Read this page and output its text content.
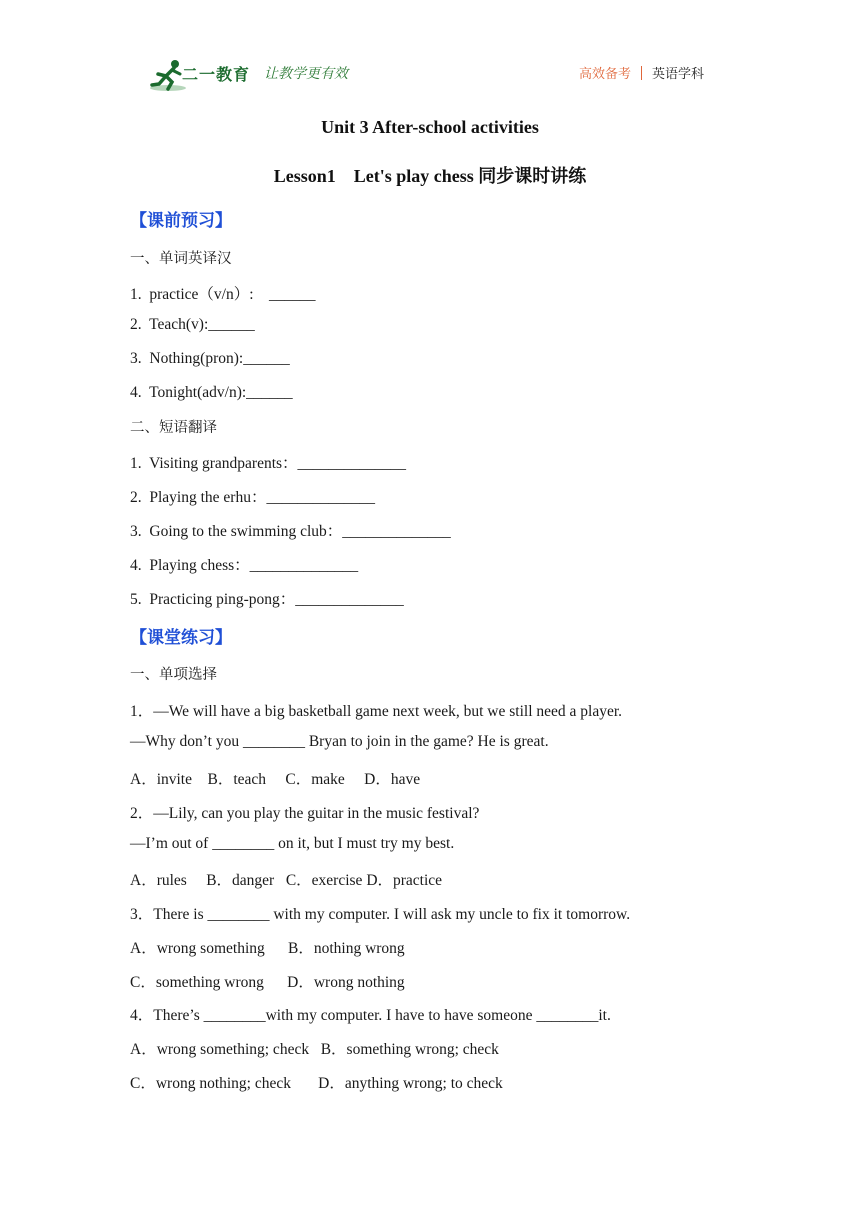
二一教育 让教学更有效	高效备考 英语学科
Unit 3 After-school activities
Lesson1    Let's play chess 同步课时讲练
【课前预习】
一、单词英译汉
1.  practice（v/n）:    ______
2.  Teach(v):______
3.  Nothing(pron):______
4.  Tonight(adv/n):______
二、短语翻译
1.  Visiting grandparents：______________
2.  Playing the erhu：______________
3.  Going to the swimming club：______________
4.  Playing chess：______________
5.  Practicing ping-pong：______________
【课堂练习】
一、单项选择
1．—We will have a big basketball game next week, but we still need a player.
—Why don’t you ________ Bryan to join in the game? He is great.
A．invite    B．teach     C．make     D．have
2．—Lily, can you play the guitar in the music festival?
—I’m out of ________ on it, but I must try my best.
A．rules     B．danger   C．exercise D．practice
3．There is ________ with my computer. I will ask my uncle to fix it tomorrow.
A．wrong something      B．nothing wrong
C．something wrong      D．wrong nothing
4．There’s ________with my computer. I have to have someone ________it.
A．wrong something; check   B．something wrong; check
C．wrong nothing; check       D．anything wrong; to check
